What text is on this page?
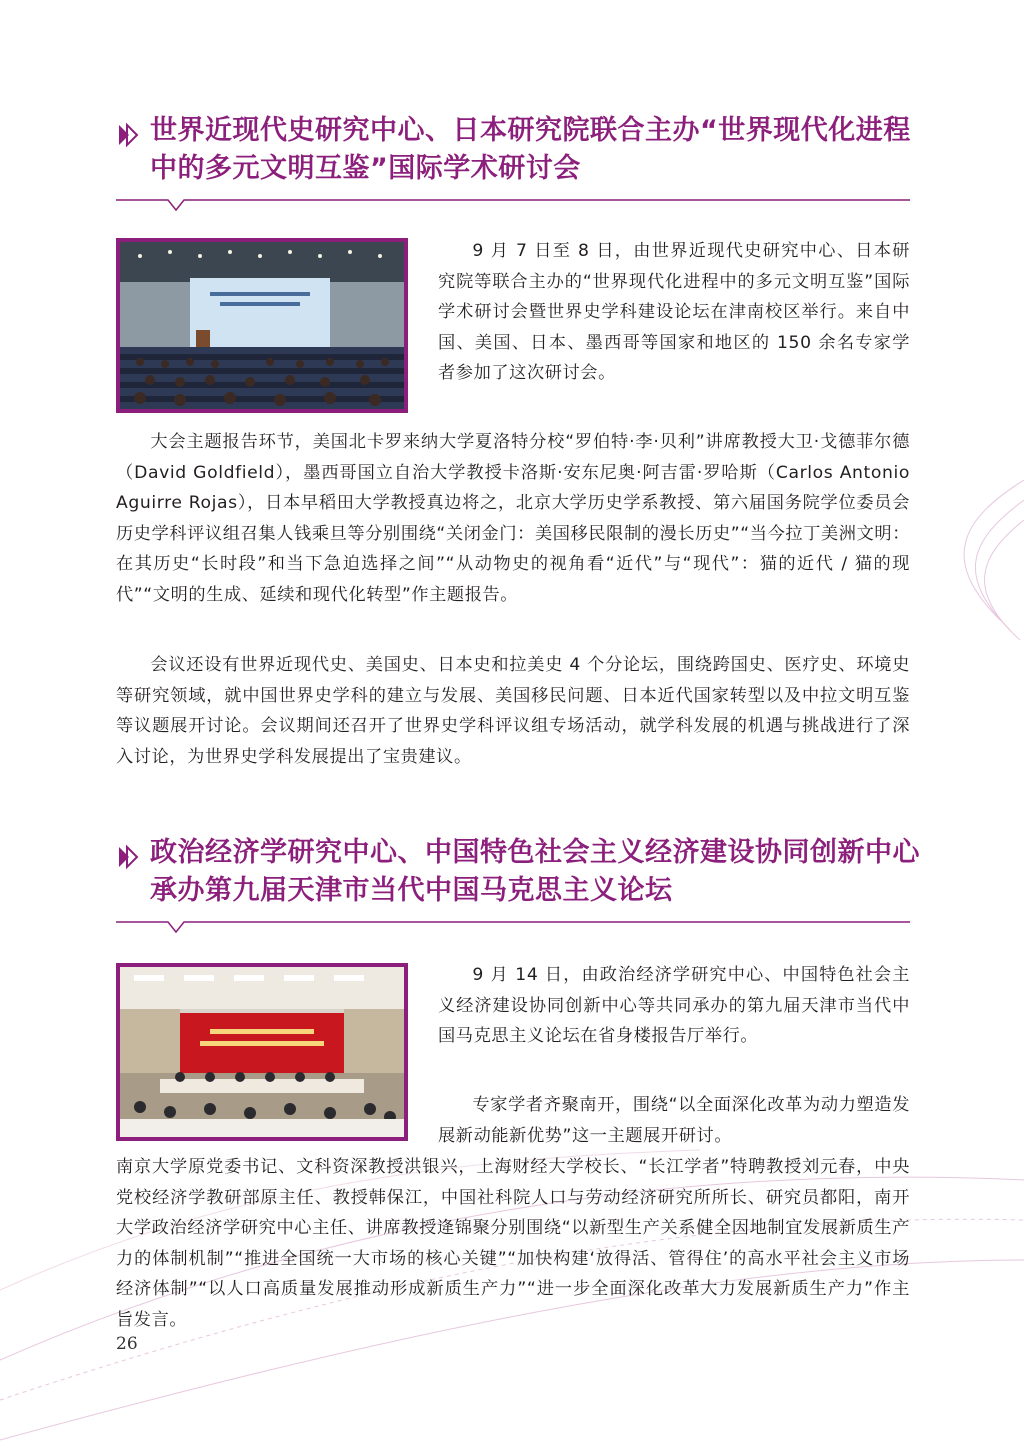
世界近现代史研究中心、日本研究院联合主办“世界现代化进程中的多元文明互鉴”国际学术研讨会

9 月 7 日至 8 日，由世界近现代史研究中心、日本研究院等联合主办的“世界现代化进程中的多元文明互鉴”国际学术研讨会暨世界史学科建设论坛在津南校区举行。来自中国、美国、日本、墨西哥等国家和地区的 150 余名专家学者参加了这次研讨会。

大会主题报告环节，美国北卡罗来纳大学夏洛特分校“罗伯特·李·贝利”讲席教授大卫·戈德菲尔德（David Goldfield），墨西哥国立自治大学教授卡洛斯·安东尼奥·阿吉雷·罗哈斯（Carlos Antonio Aguirre Rojas），日本早稻田大学教授真边将之，北京大学历史学系教授、第六届国务院学位委员会历史学科评议组召集人钱乘旦等分别围绕“关闭金门：美国移民限制的漫长历史”“当今拉丁美洲文明：在其历史“长时段”和当下急迫选择之间”“从动物史的视角看“近代”与“现代”：猫的近代 / 猫的现代”“文明的生成、延续和现代化转型”作主题报告。

会议还设有世界近现代史、美国史、日本史和拉美史 4 个分论坛，围绕跨国史、医疗史、环境史等研究领域，就中国世界史学科的建立与发展、美国移民问题、日本近代国家转型以及中拉文明互鉴等议题展开讨论。会议期间还召开了世界史学科评议组专场活动，就学科发展的机遇与挑战进行了深入讨论，为世界史学科发展提出了宝贵建议。

政治经济学研究中心、中国特色社会主义经济建设协同创新中心承办第九届天津市当代中国马克思主义论坛

9 月 14 日，由政治经济学研究中心、中国特色社会主义经济建设协同创新中心等共同承办的第九届天津市当代中国马克思主义论坛在省身楼报告厅举行。

专家学者齐聚南开，围绕“以全面深化改革为动力塑造发展新动能新优势”这一主题展开研讨。

南京大学原党委书记、文科资深教授洪银兴，上海财经大学校长、“长江学者”特聘教授刘元春，中央党校经济学教研部原主任、教授韩保江，中国社科院人口与劳动经济研究所所长、研究员都阳，南开大学政治经济学研究中心主任、讲席教授逄锦聚分别围绕“以新型生产关系健全因地制宜发展新质生产力的体制机制”“推进全国统一大市场的核心关键”“加快构建‘放得活、管得住’的高水平社会主义市场经济体制”“以人口高质量发展推动形成新质生产力”“进一步全面深化改革大力发展新质生产力”作主旨发言。

26
